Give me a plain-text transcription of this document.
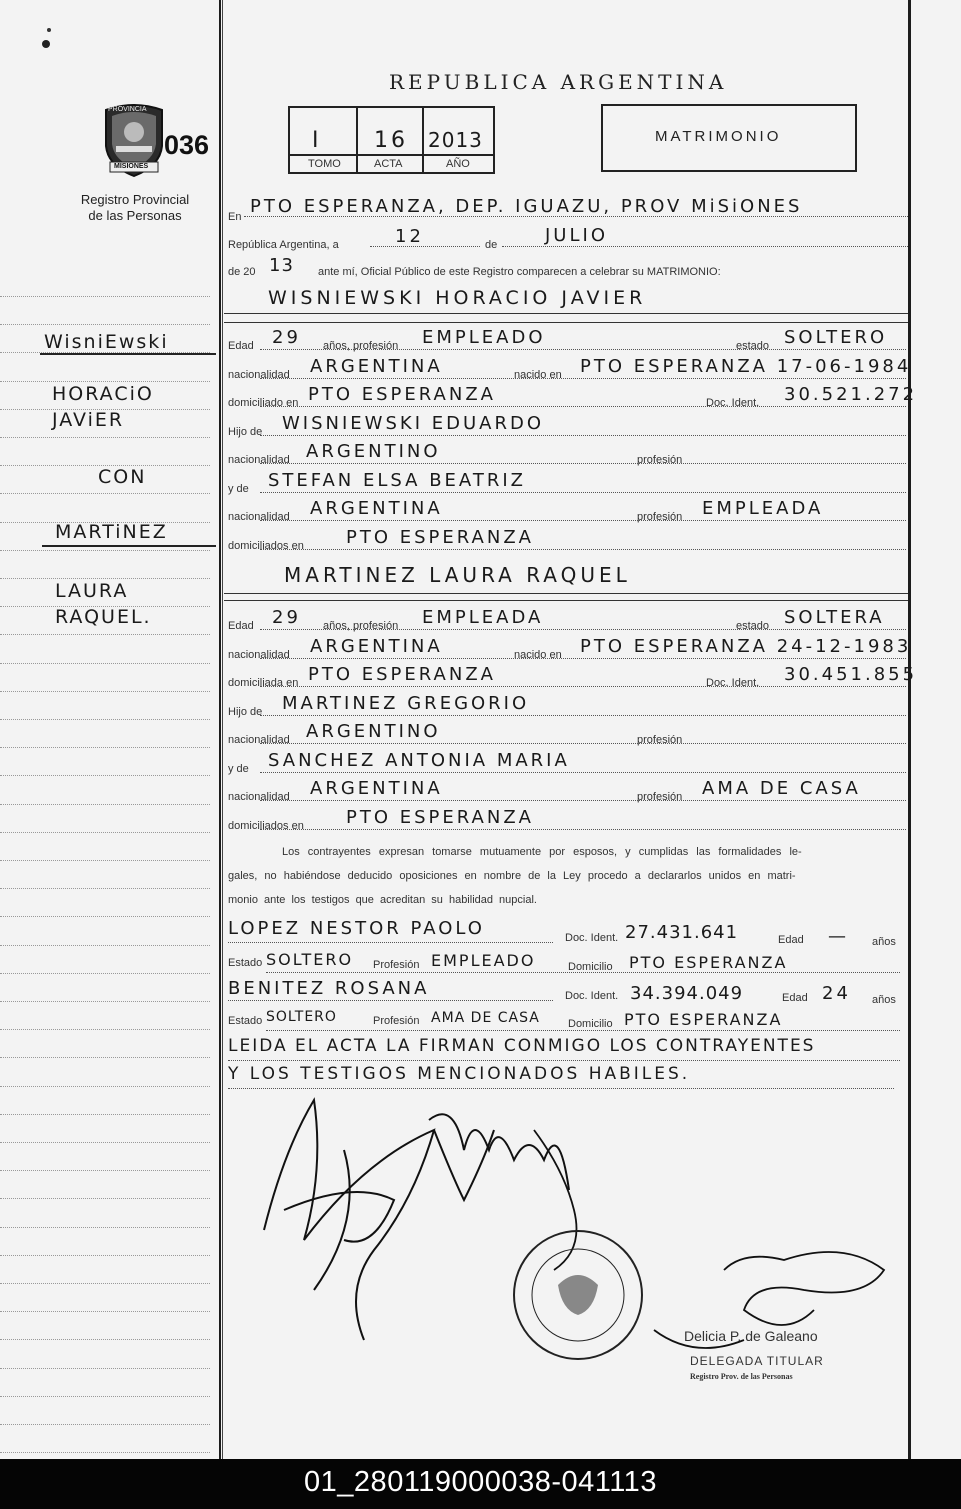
PROVINCIA
MISIONES
036
Registro Provincial
de las Personas
REPUBLICA ARGENTINA
I 16 2013
TOMO	ACTA	AÑO
MATRIMONIO
En PTO ESPERANZA, DEP. IGUAZU, PROV MiSiONES
República Argentina, a	12	de	JULIO
de 20 13 ante mí, Oficial Público de este Registro comparecen a celebrar su MATRIMONIO:
WISNIEWSKI HORACIO JAVIER
Edad 29 años, profesión EMPLEADO	estado SOLTERO
nacionalidad ARGENTINA	nacido en PTO ESPERANZA 17-06-1984
domiciliado en PTO ESPERANZA	Doc. Ident. 30.521.272
Hijo de WISNIEWSKI EDUARDO
nacionalidad ARGENTINO	profesión
y de STEFAN ELSA BEATRIZ
nacionalidad ARGENTINA	profesión EMPLEADA
domiciliados en PTO ESPERANZA
MARTINEZ LAURA RAQUEL
Edad 29 años, profesión EMPLEADA	estado SOLTERA
nacionalidad ARGENTINA	nacido en PTO ESPERANZA 24-12-1983
domiciliada en PTO ESPERANZA	Doc. Ident. 30.451.855
Hijo de MARTINEZ GREGORIO
nacionalidad ARGENTINO	profesión
y de SANCHEZ ANTONIA MARIA
nacionalidad ARGENTINA	profesión AMA DE CASA
domiciliados en PTO ESPERANZA
WisniEwski
HORACiO
JAViER
CON
MARTiNEZ
LAURA
RAQUEL.
Los contrayentes expresan tomarse mutuamente por esposos, y cumplidas las formalidades le-
gales, no habiéndose deducido oposiciones en nombre de la Ley procedo a declararlos unidos en matri-
monio ante los testigos que acreditan su habilidad nupcial.
LOPEZ NESTOR PAOLO	Doc. Ident. 27.431.641	Edad — años
Estado SOLTERO Profesión EMPLEADO	Domicilio PTO ESPERANZA
BENITEZ ROSANA	Doc. Ident. 34.394.049	Edad 24 años
Estado SOLTERO	Profesión AMA DE CASA	Domicilio PTO ESPERANZA
LEIDA EL ACTA LA FIRMAN CONMIGO LOS CONTRAYENTES
Y LOS TESTIGOS MENCIONADOS HABILES.
Delicia P. de Galeano
DELEGADA TITULAR
Registro Prov. de las Personas
01_280119000038-041113
